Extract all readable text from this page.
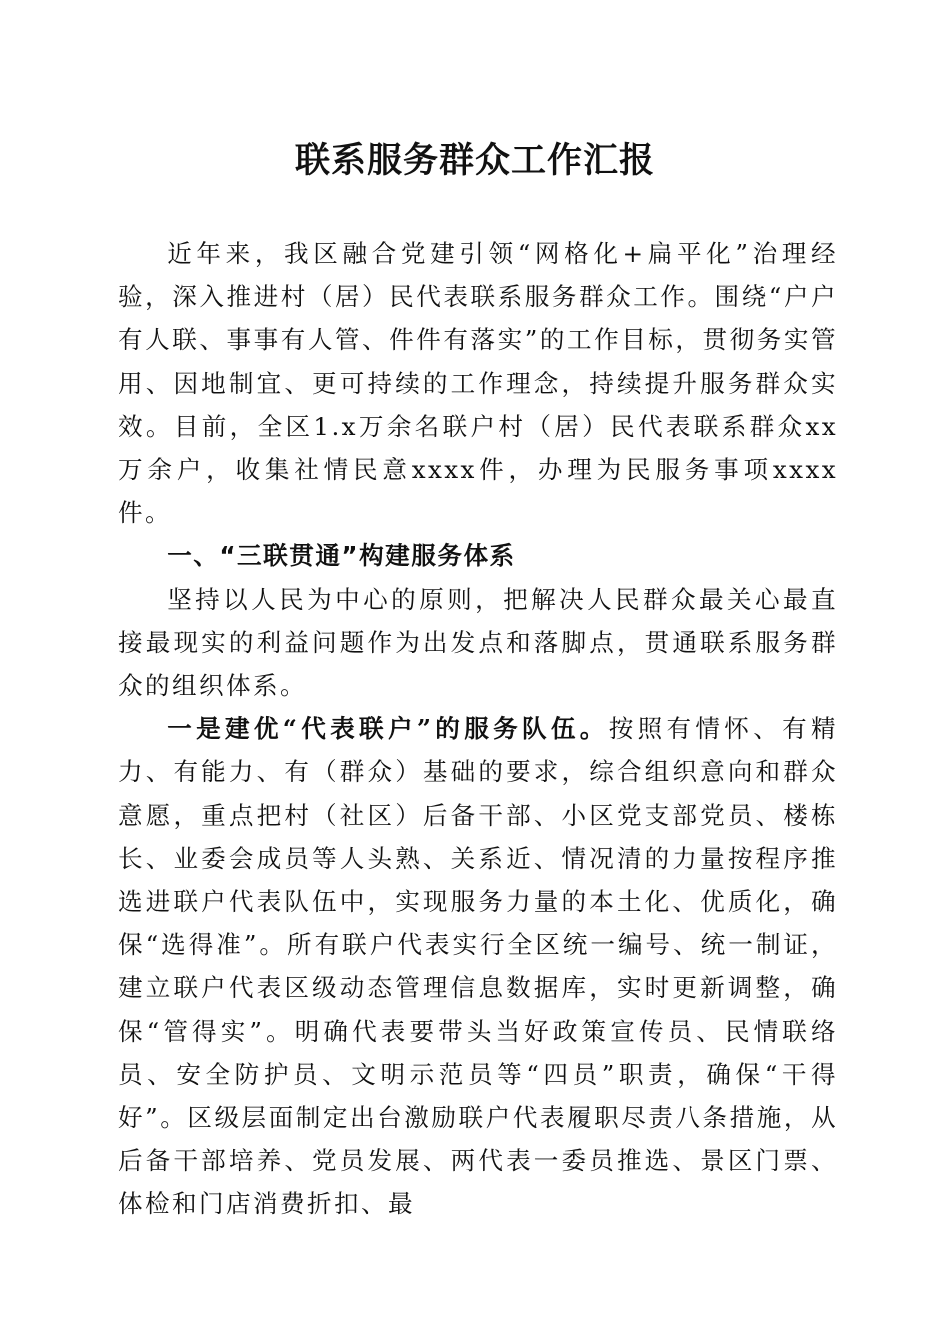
联系服务群众工作汇报

近年来，我区融合党建引领“网格化+扁平化”治理经验，深入推进村（居）民代表联系服务群众工作。围绕“户户有人联、事事有人管、件件有落实”的工作目标，贯彻务实管用、因地制宜、更可持续的工作理念，持续提升服务群众实效。目前，全区1.x万余名联户村（居）民代表联系群众xx万余户，收集社情民意xxxx件，办理为民服务事项xxxx件。

一、“三联贯通”构建服务体系

坚持以人民为中心的原则，把解决人民群众最关心最直接最现实的利益问题作为出发点和落脚点，贯通联系服务群众的组织体系。

一是建优“代表联户”的服务队伍。按照有情怀、有精力、有能力、有（群众）基础的要求，综合组织意向和群众意愿，重点把村（社区）后备干部、小区党支部党员、楼栋长、业委会成员等人头熟、关系近、情况清的力量按程序推选进联户代表队伍中，实现服务力量的本土化、优质化，确保“选得准”。所有联户代表实行全区统一编号、统一制证，建立联户代表区级动态管理信息数据库，实时更新调整，确保“管得实”。明确代表要带头当好政策宣传员、民情联络员、安全防护员、文明示范员等“四员”职责，确保“干得好”。区级层面制定出台激励联户代表履职尽责八条措施，从后备干部培养、党员发展、两代表一委员推选、景区门票、体检和门店消费折扣、最
